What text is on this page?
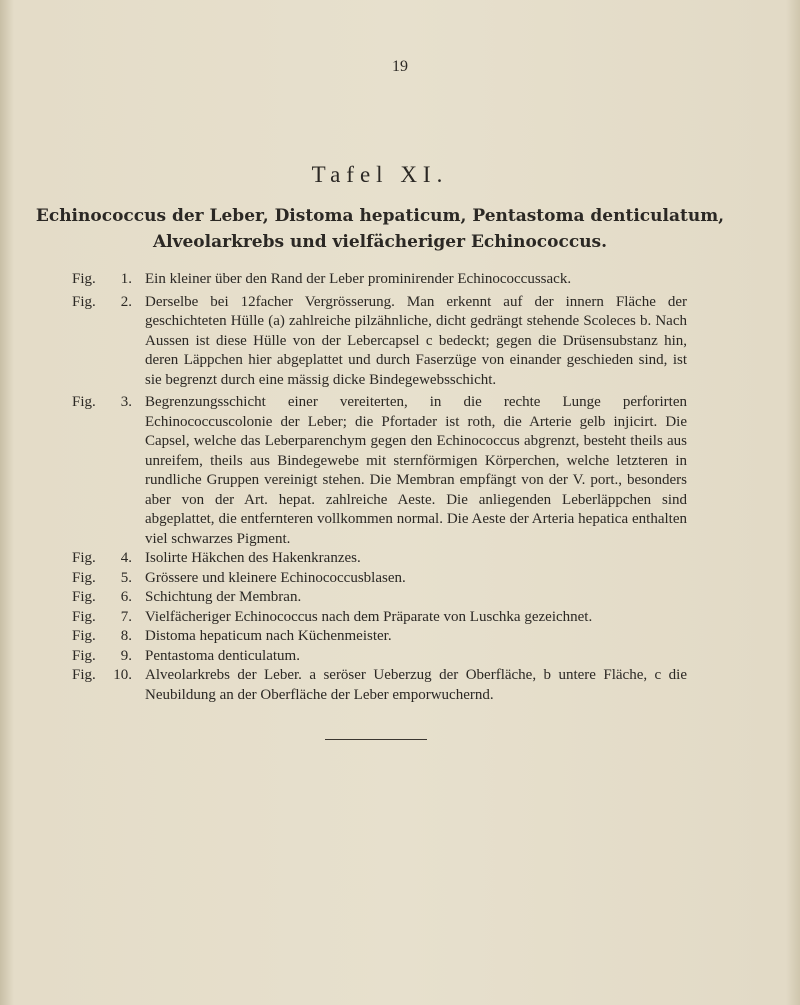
19
Tafel XI.
Echinococcus der Leber, Distoma hepaticum, Pentastoma denticulatum,
Alveolarkrebs und vielfächeriger Echinococcus.
Fig.	1. Ein kleiner über den Rand der Leber prominirender Echinococcussack.
Fig.	2. Derselbe bei 12facher Vergrösserung. Man erkennt auf der innern Fläche der geschichteten Hülle (a) zahlreiche pilzähnliche, dicht gedrängt stehende Scoleces b. Nach Aussen ist diese Hülle von der Lebercapsel c bedeckt; gegen die Drüsensubstanz hin, deren Läppchen hier abgeplattet und durch Faserzüge von einander geschieden sind, ist sie begrenzt durch eine mässig dicke Bindegewebsschicht.
Fig.	3. Begrenzungsschicht einer vereiterten, in die rechte Lunge perforirten Echinococcuscolonie der Leber; die Pfortader ist roth, die Arterie gelb injicirt. Die Capsel, welche das Leberparenchym gegen den Echinococcus abgrenzt, besteht theils aus unreifem, theils aus Bindegewebe mit sternförmigen Körperchen, welche letzteren in rundliche Gruppen vereinigt stehen. Die Membran empfängt von der V. port., besonders aber von der Art. hepat. zahlreiche Aeste. Die anliegenden Leberläppchen sind abgeplattet, die entfernteren vollkommen normal. Die Aeste der Arteria hepatica enthalten viel schwarzes Pigment.
Fig.	4. Isolirte Häkchen des Hakenkranzes.
Fig.	5. Grössere und kleinere Echinococcusblasen.
Fig.	6. Schichtung der Membran.
Fig.	7. Vielfächeriger Echinococcus nach dem Präparate von Luschka gezeichnet.
Fig.	8. Distoma hepaticum nach Küchenmeister.
Fig.	9. Pentastoma denticulatum.
Fig.	10. Alveolarkrebs der Leber. a seröser Ueberzug der Oberfläche, b untere Fläche, c die Neubildung an der Oberfläche der Leber emporwuchernd.
